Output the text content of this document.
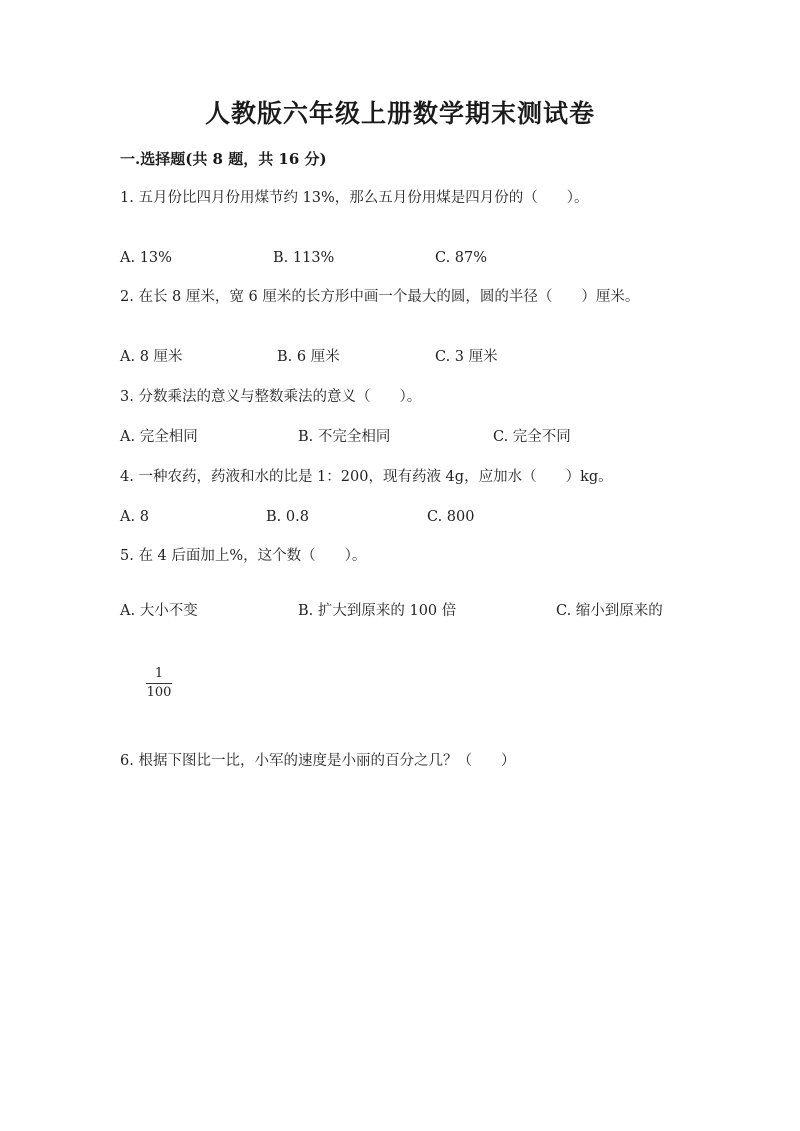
人教版六年级上册数学期末测试卷
一.选择题(共 8 题，共 16 分)
1. 五月份比四月份用煤节约 13%，那么五月份用煤是四月份的（　　）。
A. 13%	B. 113%	C. 87%
2. 在长 8 厘米，宽 6 厘米的长方形中画一个最大的圆，圆的半径（　　）厘米。
A. 8 厘米	B. 6 厘米	C. 3 厘米
3. 分数乘法的意义与整数乘法的意义（　　）。
A. 完全相同	B. 不完全相同	C. 完全不同
4. 一种农药，药液和水的比是 1：200，现有药液 4g，应加水（　　）kg。
A. 8	B. 0.8	C. 800
5. 在 4 后面加上%，这个数（　　）。
A. 大小不变	B. 扩大到原来的 100 倍	C. 缩小到原来的
1
100
6. 根据下图比一比，小军的速度是小丽的百分之几？（　　）
